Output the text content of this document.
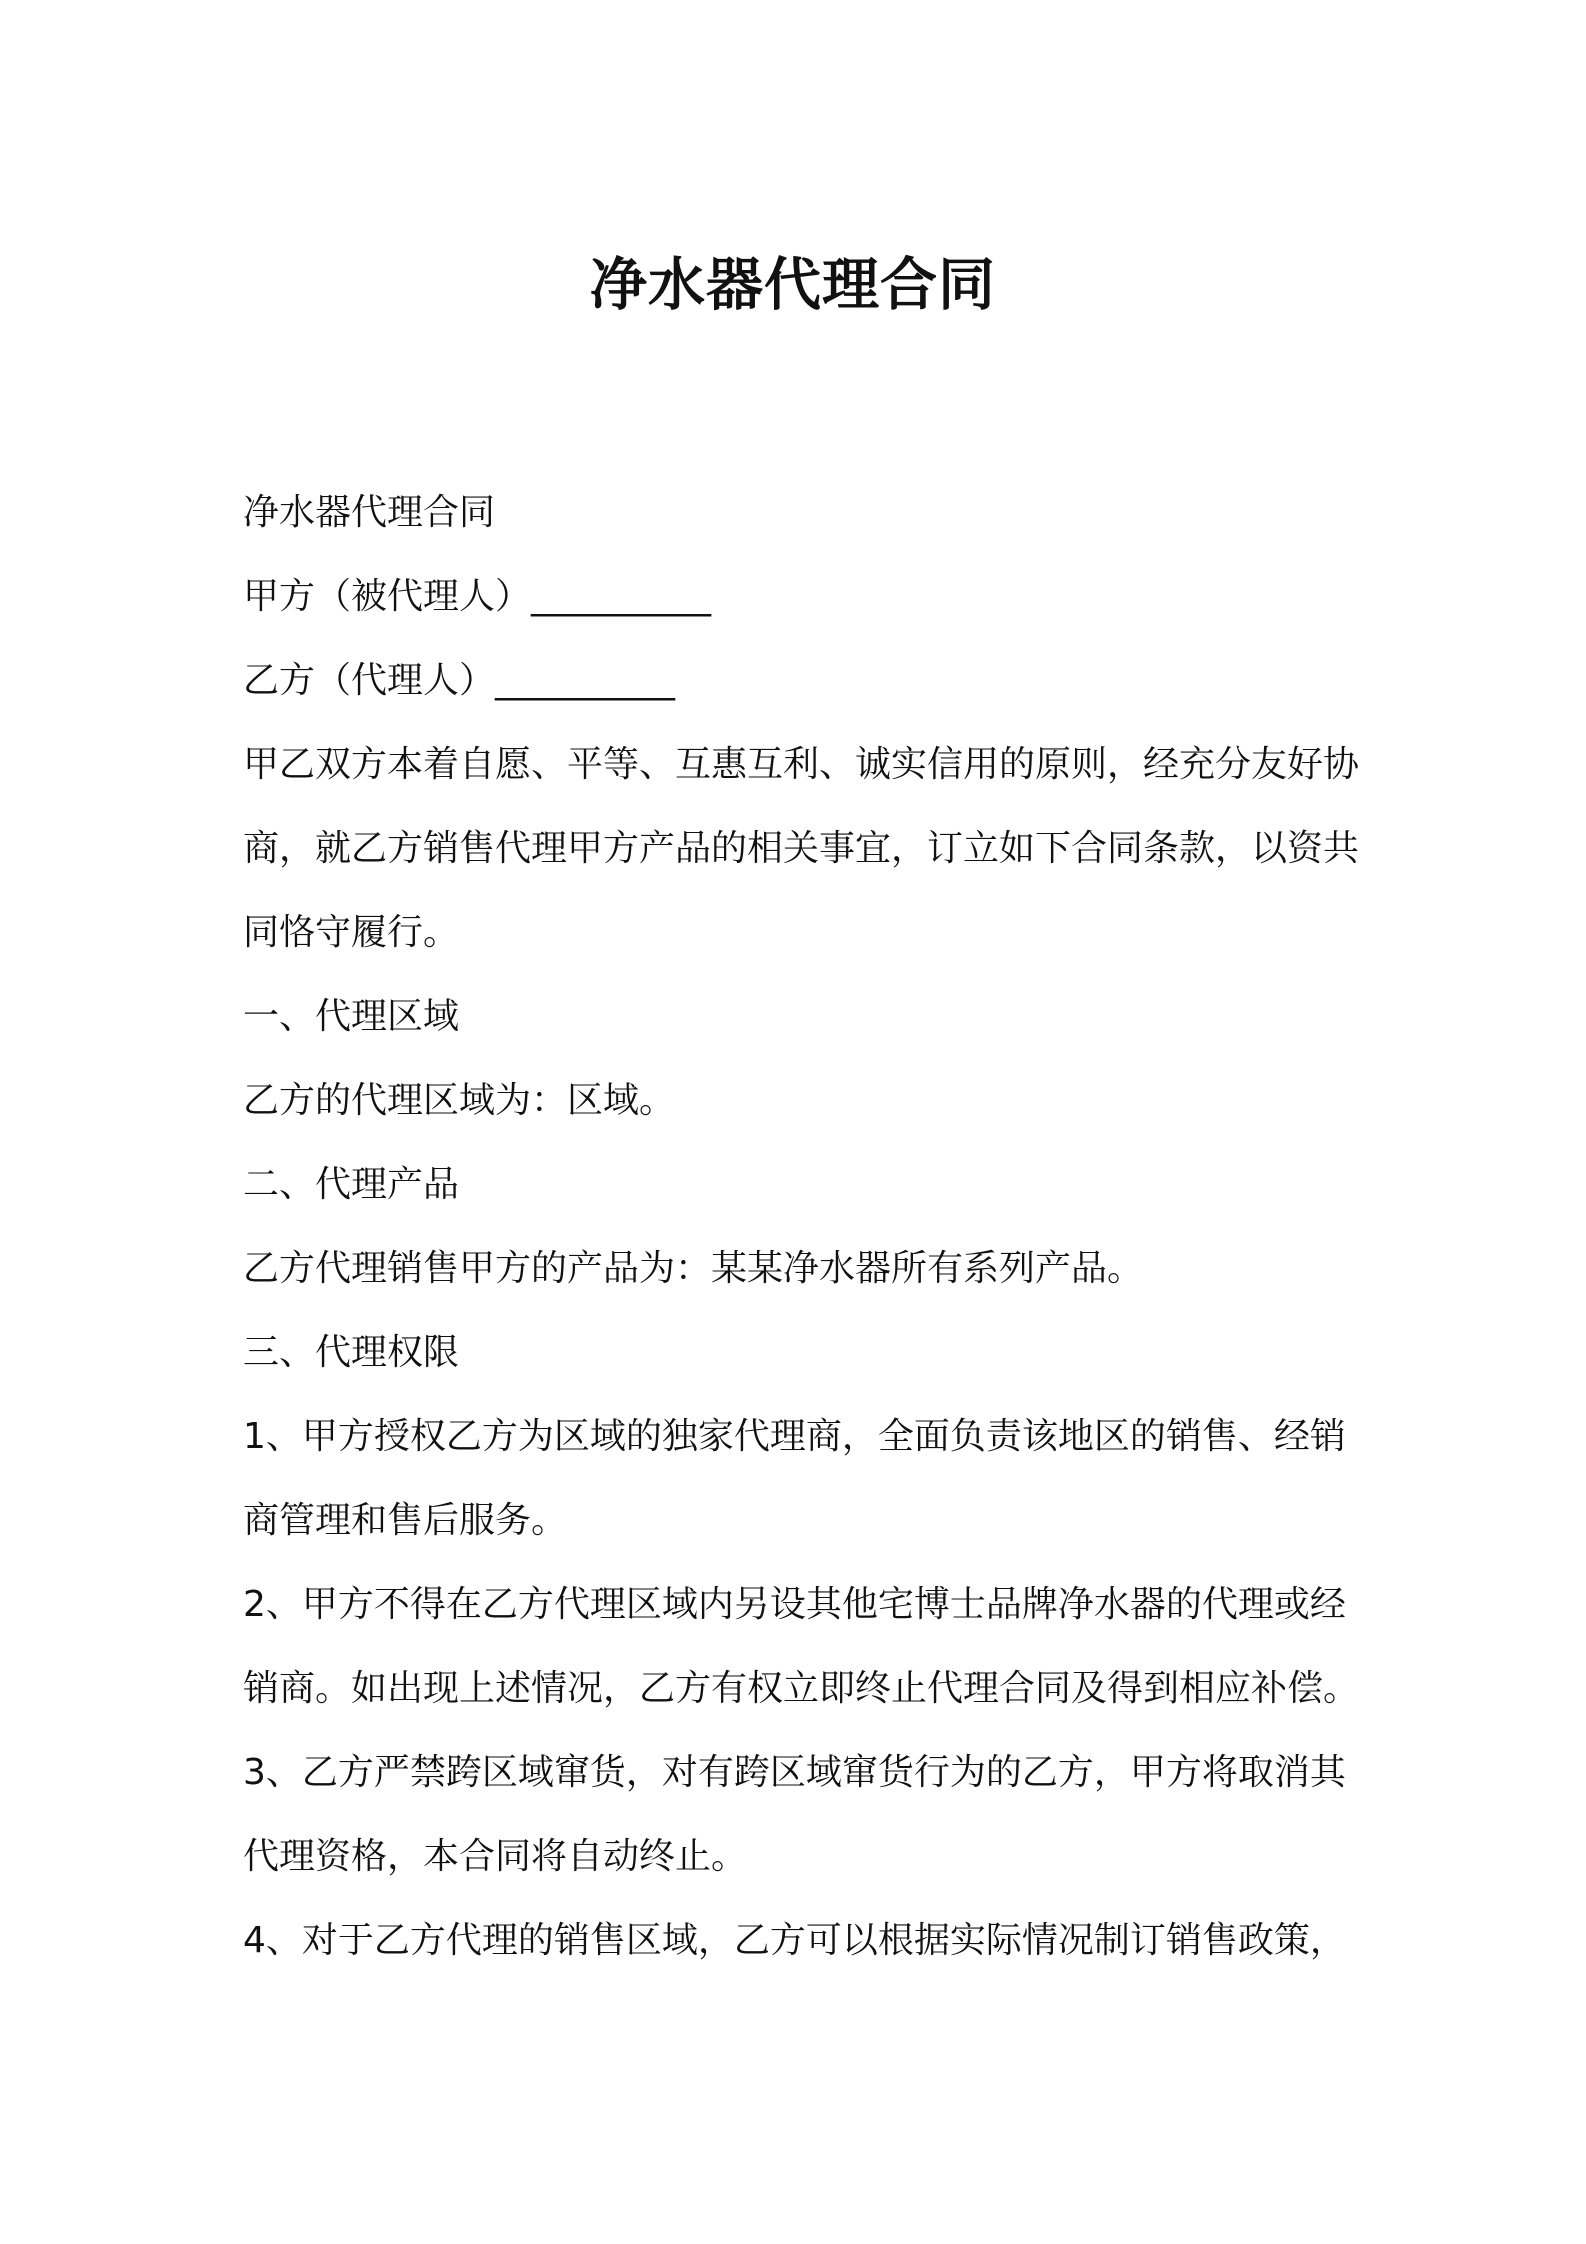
净水器代理合同

净水器代理合同

甲方（被代理人）__________

乙方（代理人）__________

甲乙双方本着自愿、平等、互惠互利、诚实信用的原则，经充分友好协商，就乙方销售代理甲方产品的相关事宜，订立如下合同条款，以资共同恪守履行。

一、代理区域

乙方的代理区域为：区域。

二、代理产品

乙方代理销售甲方的产品为：某某净水器所有系列产品。

三、代理权限

1、甲方授权乙方为区域的独家代理商，全面负责该地区的销售、经销商管理和售后服务。

2、甲方不得在乙方代理区域内另设其他宅博士品牌净水器的代理或经销商。如出现上述情况，乙方有权立即终止代理合同及得到相应补偿。

3、乙方严禁跨区域窜货，对有跨区域窜货行为的乙方，甲方将取消其代理资格，本合同将自动终止。

4、对于乙方代理的销售区域，乙方可以根据实际情况制订销售政策，
